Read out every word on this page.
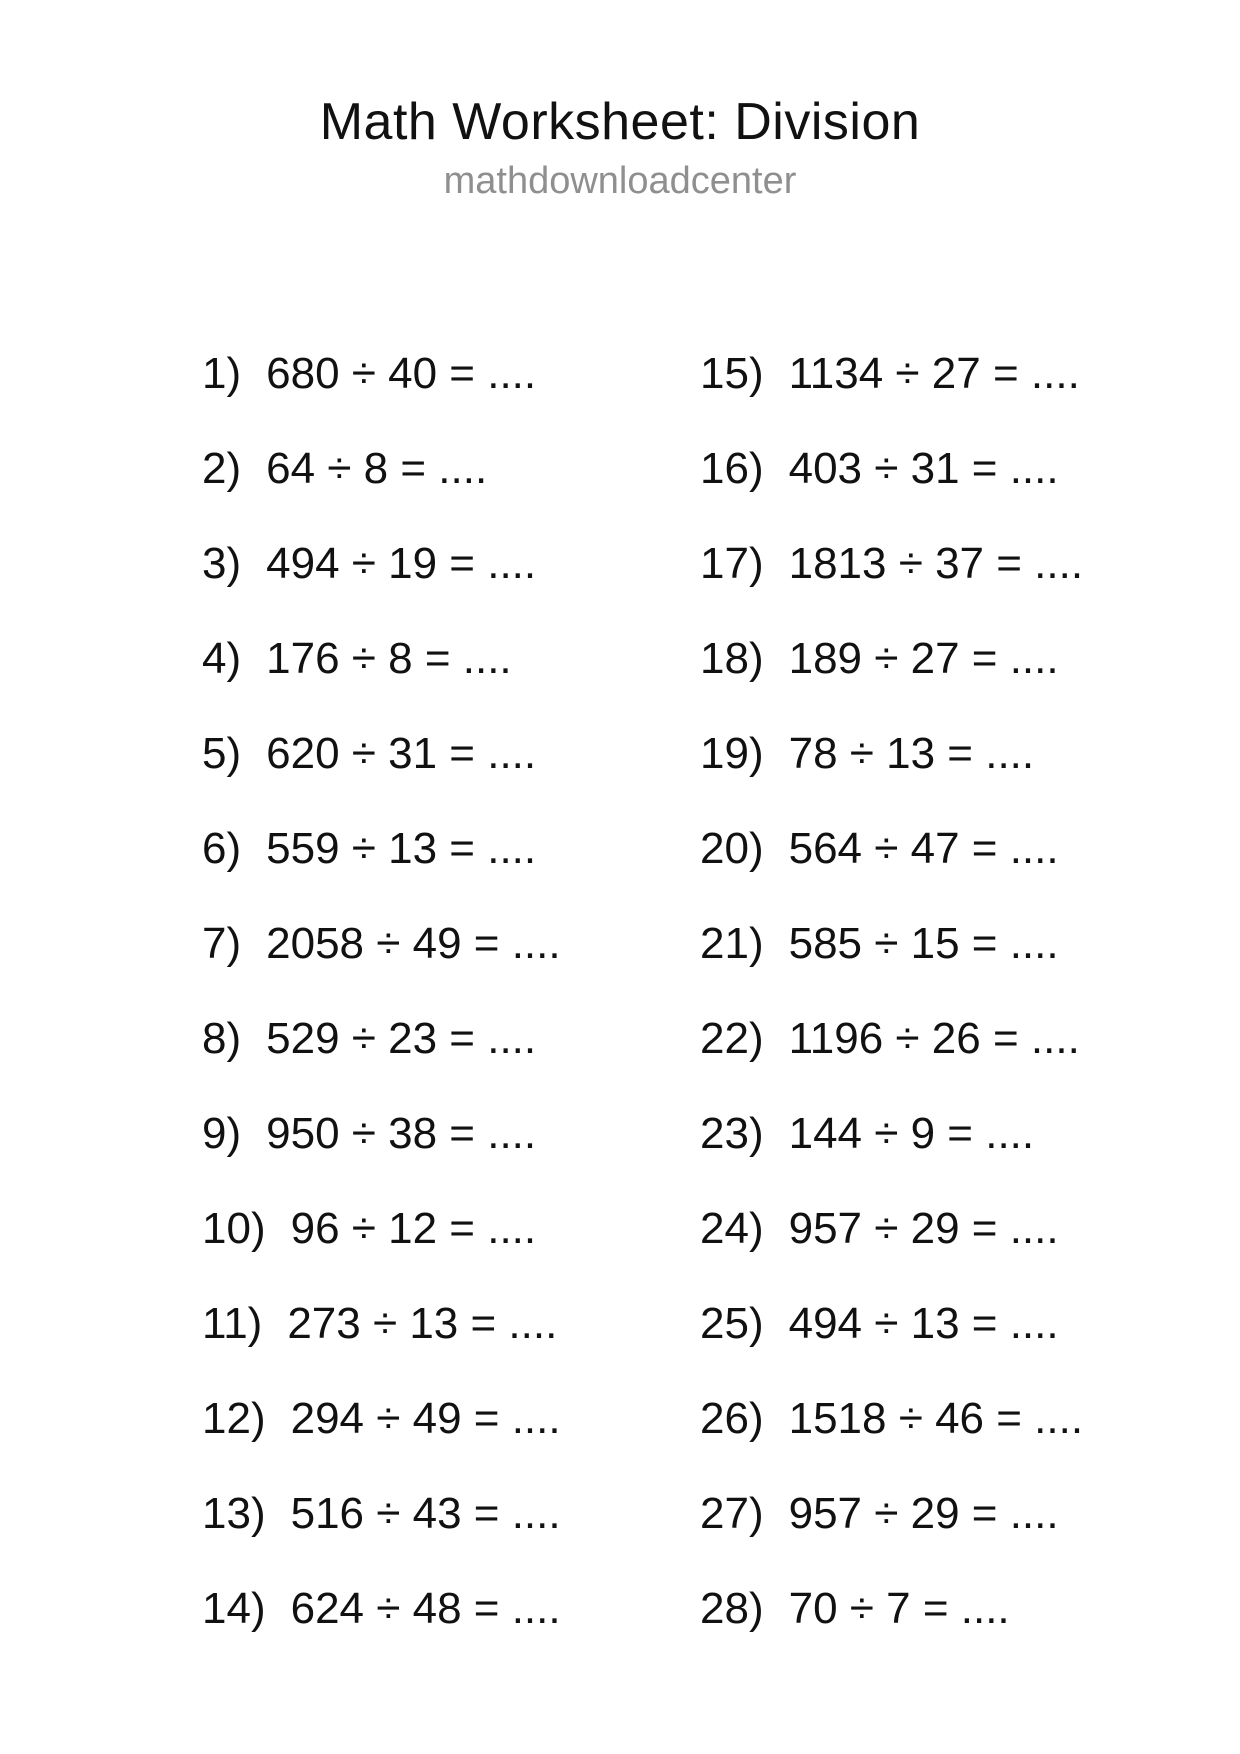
Math Worksheet: Division
mathdownloadcenter
1) 680 ÷ 40 = ....
2) 64 ÷ 8 = ....
3) 494 ÷ 19 = ....
4) 176 ÷ 8 = ....
5) 620 ÷ 31 = ....
6) 559 ÷ 13 = ....
7) 2058 ÷ 49 = ....
8) 529 ÷ 23 = ....
9) 950 ÷ 38 = ....
10) 96 ÷ 12 = ....
11) 273 ÷ 13 = ....
12) 294 ÷ 49 = ....
13) 516 ÷ 43 = ....
14) 624 ÷ 48 = ....
15) 1134 ÷ 27 = ....
16) 403 ÷ 31 = ....
17) 1813 ÷ 37 = ....
18) 189 ÷ 27 = ....
19) 78 ÷ 13 = ....
20) 564 ÷ 47 = ....
21) 585 ÷ 15 = ....
22) 1196 ÷ 26 = ....
23) 144 ÷ 9 = ....
24) 957 ÷ 29 = ....
25) 494 ÷ 13 = ....
26) 1518 ÷ 46 = ....
27) 957 ÷ 29 = ....
28) 70 ÷ 7 = ....
